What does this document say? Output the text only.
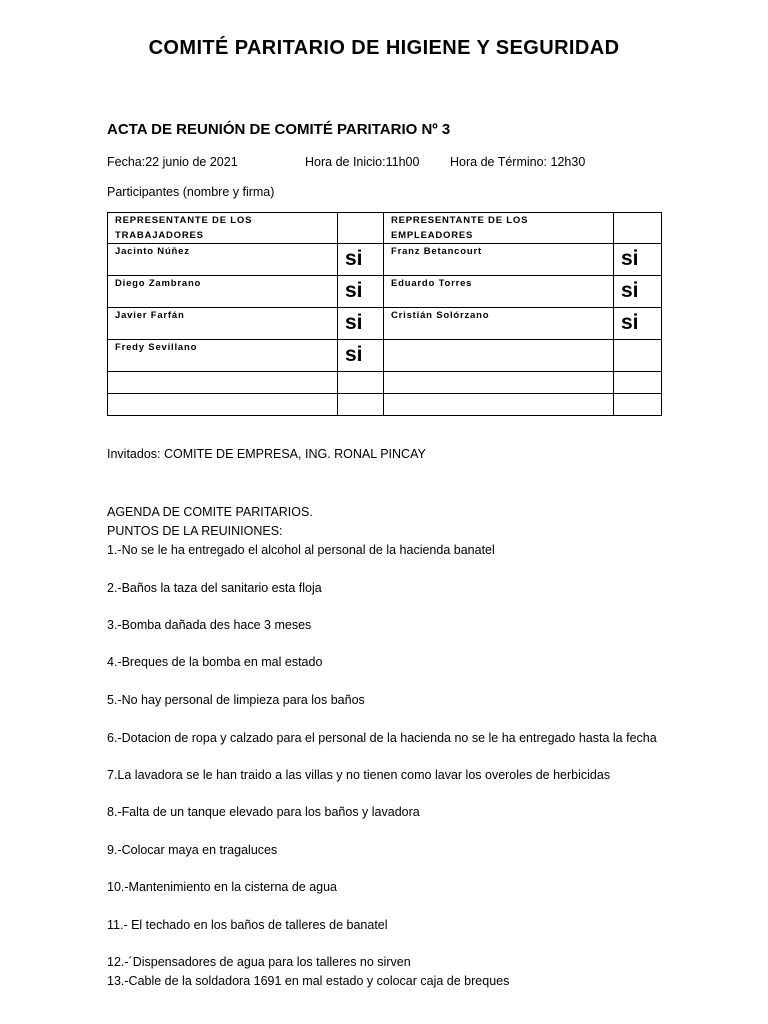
COMITÉ PARITARIO DE HIGIENE Y SEGURIDAD
ACTA DE REUNIÓN DE COMITÉ PARITARIO Nº 3
Fecha:22 junio de 2021	Hora de Inicio:11h00 Hora de Término: 12h30
Participantes (nombre y firma)
REPRESENTANTE DE LOS TRABAJADORES		REPRESENTANTE DE LOS EMPLEADORES	
Jacinto Núñez	si	Franz Betancourt	si
Diego Zambrano	si	Eduardo Torres	si
Javier Farfán	si	Cristián Solórzano	si
Fredy Sevillano	si		

Invitados: COMITE DE EMPRESA, ING. RONAL PINCAY
AGENDA DE COMITE PARITARIOS.
PUNTOS DE LA REUINIONES:
1.-No se le ha entregado el alcohol al personal de la hacienda banatel
2.-Baños la taza del sanitario esta floja
3.-Bomba dañada des hace 3 meses
4.-Breques de la bomba en mal estado
5.-No hay personal de limpieza para los baños
6.-Dotacion de ropa y calzado para el personal de la hacienda no se le ha entregado hasta la fecha
7.La lavadora se le han traido a las villas y no tienen como lavar los overoles de herbicidas
8.-Falta de un tanque elevado para los baños y lavadora
9.-Colocar maya en tragaluces
10.-Mantenimiento en la cisterna de agua
11.- El techado en los baños de talleres de banatel
12.-´Dispensadores de agua para los talleres no sirven
13.-Cable de la soldadora 1691 en mal estado y colocar caja de breques
